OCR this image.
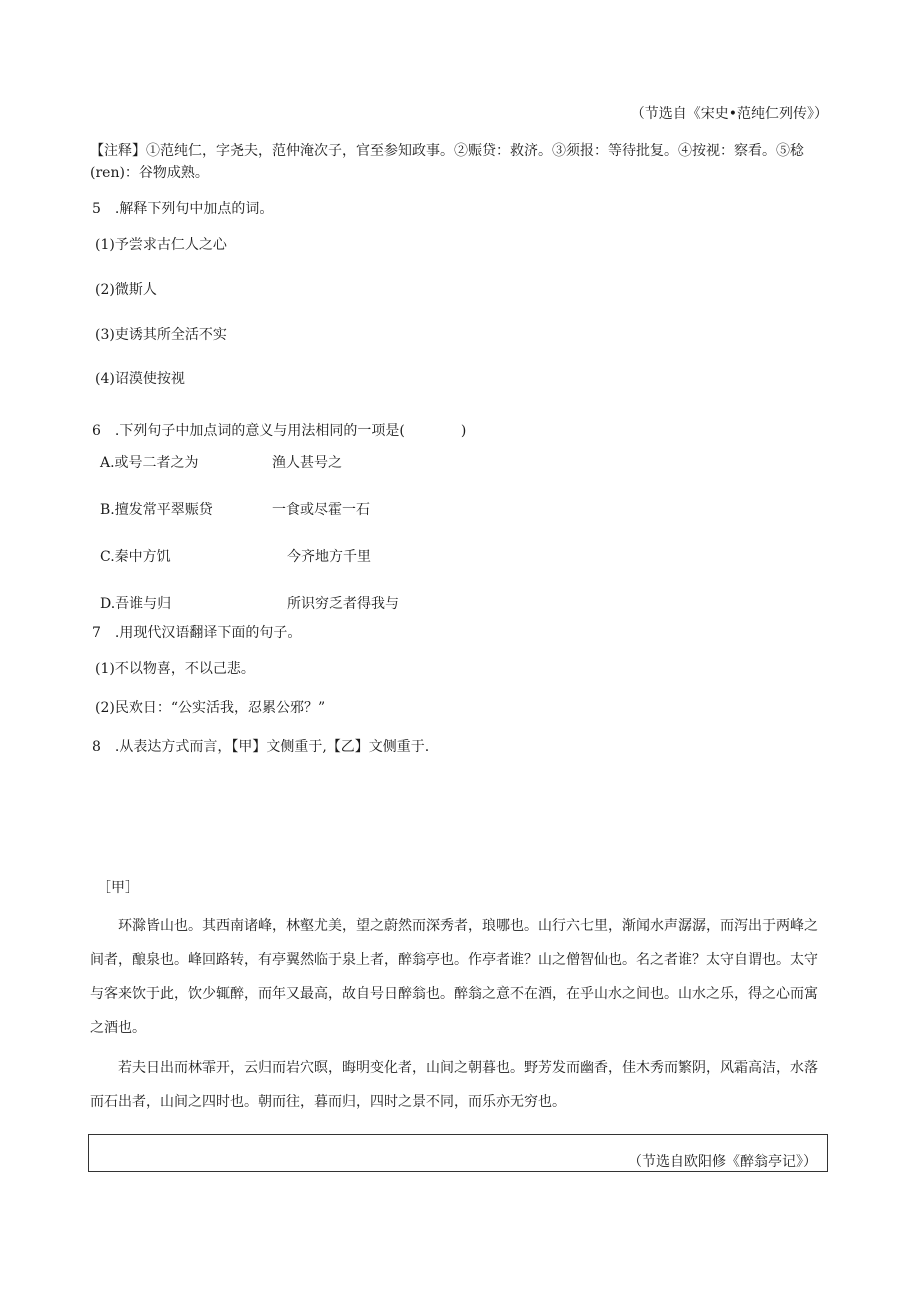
（节选自《宋史•范纯仁列传》）
【注释】①范纯仁，字尧夫，范仲淹次子，官至参知政事。②赈贷：救济。③须报：等待批复。④按视：察看。⑤稔(ren)：谷物成熟。
5　.解释下列句中加点的词。
(1)予尝求古仁人之心
(2)微斯人
(3)吏诱其所全活不实
(4)诏漠使按视
6　.下列句子中加点词的意义与用法相同的一项是(　　　　)
A.或号二者之为	渔人甚号之
B.擅发常平翠赈贷	一食或尽霍一石
C.秦中方饥	今齐地方千里
D.吾谁与归	所识穷乏者得我与
7　.用现代汉语翻译下面的句子。
(1)不以物喜，不以己悲。
(2)民欢日：“公实活我，忍累公邪？”
8　.从表达方式而言，【甲】文侧重于,【乙】文侧重于.
［甲］
环滁皆山也。其西南诸峰，林壑尤美，望之蔚然而深秀者，琅哪也。山行六七里，渐闻水声潺潺，而泻出于两峰之间者，酿泉也。峰回路转，有亭翼然临于泉上者，醉翁亭也。作亭者谁？山之僧智仙也。名之者谁？太守自谓也。太守与客来饮于此，饮少辄醉，而年又最高，故自号日醉翁也。醉翁之意不在酒，在乎山水之间也。山水之乐，得之心而寓之酒也。
若夫日出而林霏开，云归而岩穴暝，晦明变化者，山间之朝暮也。野芳发而幽香，佳木秀而繁阴，风霜高洁，水落而石出者，山间之四时也。朝而往，暮而归，四时之景不同，而乐亦无穷也。
（节选自欧阳修《醉翁亭记》）
